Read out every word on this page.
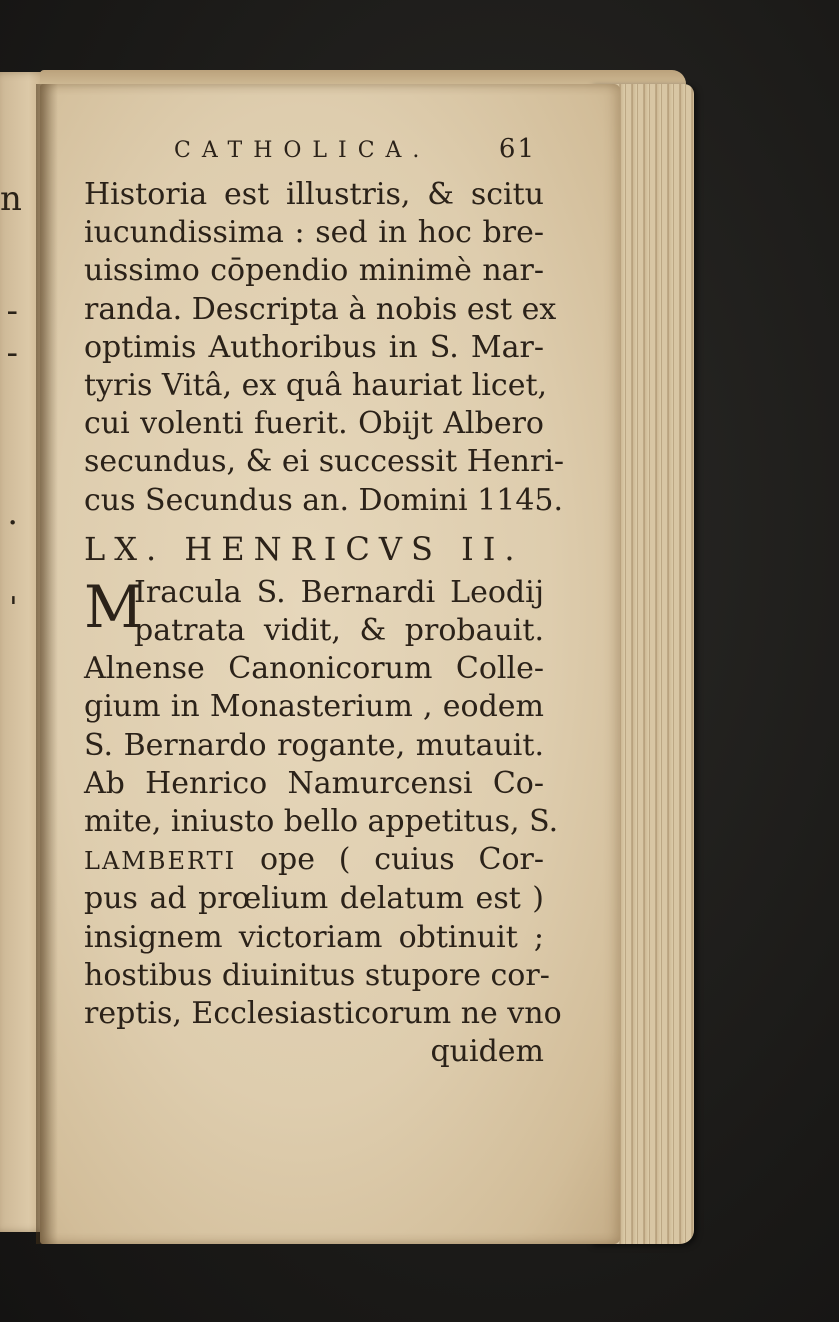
n
-
-
.
ˌ
CATHOLICA.	61
Historia est illustris, & scitu
iucundissima : sed in hoc bre-
uissimo cōpendio minimè nar-
randa. Descripta à nobis est ex
optimis Authoribus in S. Mar-
tyris Vitâ, ex quâ hauriat licet,
cui volenti fuerit. Obijt Albero
secundus, & ei successit Henri-
cus Secundus an. Domini 1145.
LX. HENRICVS II.
M
Iracula S. Bernardi Leodij
patrata vidit, & probauit.
Alnense Canonicorum Colle-
gium in Monasterium , eodem
S. Bernardo rogante, mutauit.
Ab Henrico Namurcensi Co-
mite, iniusto bello appetitus, S.
LAMBERTI ope ( cuius Cor-
pus ad prœlium delatum est )
insignem victoriam obtinuit ;
hostibus diuinitus stupore cor-
reptis, Ecclesiasticorum ne vno
quidem
